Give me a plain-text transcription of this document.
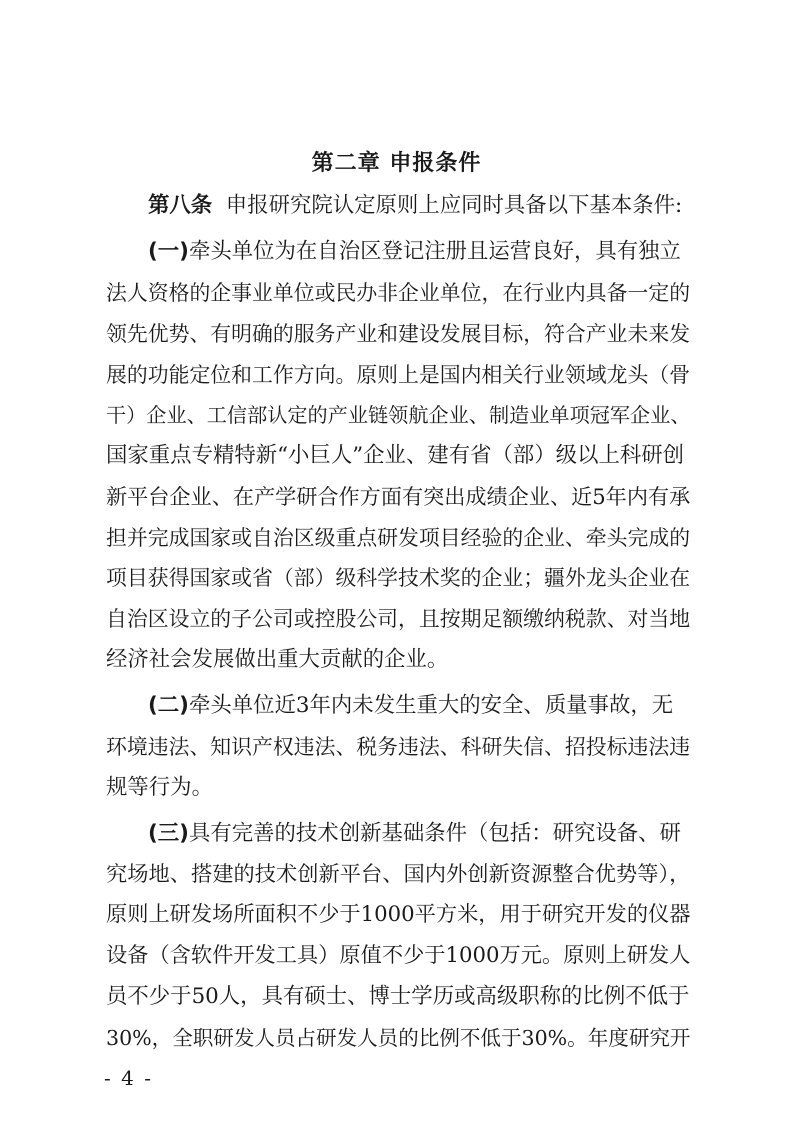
第二章 申报条件
第八条 申报研究院认定原则上应同时具备以下基本条件:
(一)牵头单位为在自治区登记注册且运营良好，具有独立
法人资格的企事业单位或民办非企业单位，在行业内具备一定的
领先优势、有明确的服务产业和建设发展目标，符合产业未来发
展的功能定位和工作方向。原则上是国内相关行业领域龙头（骨
干）企业、工信部认定的产业链领航企业、制造业单项冠军企业、
国家重点专精特新“小巨人”企业、建有省（部）级以上科研创
新平台企业、在产学研合作方面有突出成绩企业、近5年内有承
担并完成国家或自治区级重点研发项目经验的企业、牵头完成的
项目获得国家或省（部）级科学技术奖的企业；疆外龙头企业在
自治区设立的子公司或控股公司，且按期足额缴纳税款、对当地
经济社会发展做出重大贡献的企业。
(二)牵头单位近3年内未发生重大的安全、质量事故，无
环境违法、知识产权违法、税务违法、科研失信、招投标违法违
规等行为。
(三)具有完善的技术创新基础条件（包括：研究设备、研
究场地、搭建的技术创新平台、国内外创新资源整合优势等），
原则上研发场所面积不少于1000平方米，用于研究开发的仪器
设备（含软件开发工具）原值不少于1000万元。原则上研发人
员不少于50人，具有硕士、博士学历或高级职称的比例不低于
30%，全职研发人员占研发人员的比例不低于30%。年度研究开
- 4 -
